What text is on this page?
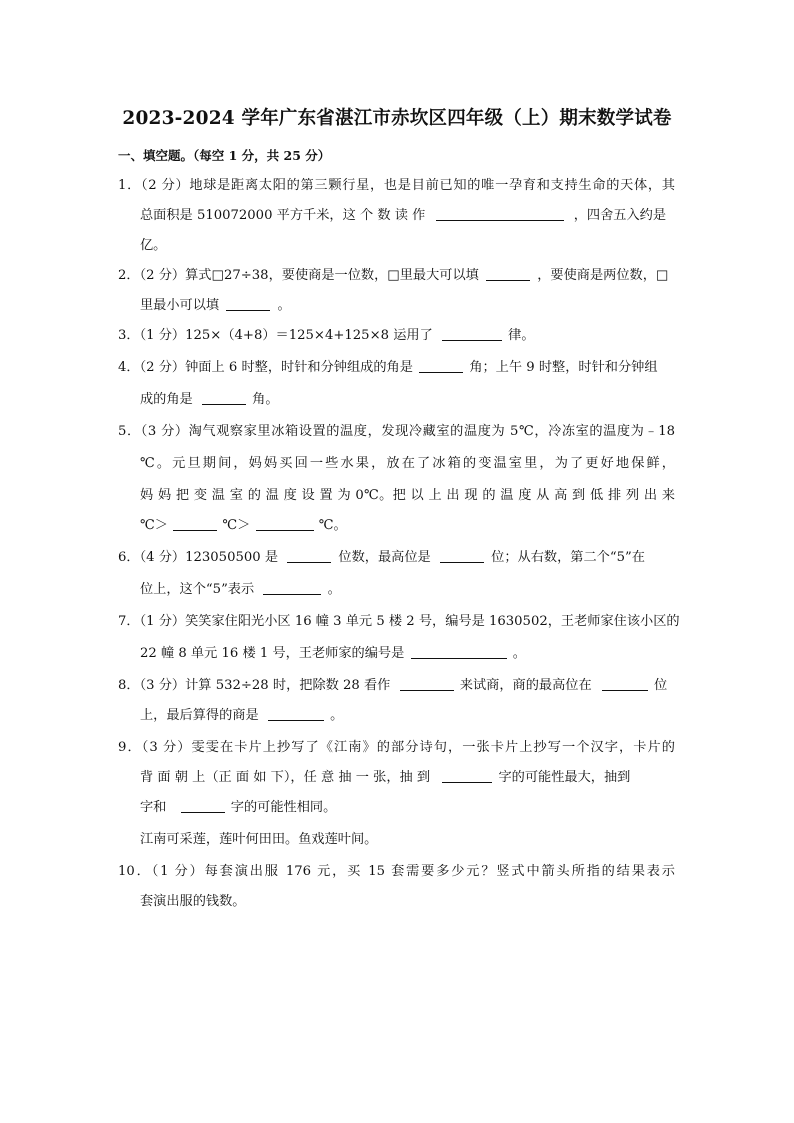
2023-2024 学年广东省湛江市赤坎区四年级（上）期末数学试卷
一、填空题。（每空 1 分，共 25 分）
1．（2 分）地球是距离太阳的第三颗行星，也是目前已知的唯一孕育和支持生命的天体，其
总面积是 510072000 平方千米，这 个 数 读 作	，四舍五入约是
亿。
2．（2 分）算式□27÷38，要使商是一位数，□里最大可以填	，要使商是两位数，□
里最小可以填	。
3．（1 分）125×（4+8）＝125×4+125×8 运用了	律。
4．（2 分）钟面上 6 时整，时针和分钟组成的角是	角；上午 9 时整，时针和分钟组
成的角是	角。
5．（3 分）淘气观察家里冰箱设置的温度，发现冷藏室的温度为 5℃，冷冻室的温度为﹣18
℃。元旦期间，妈妈买回一些水果，放在了冰箱的变温室里，为了更好地保鲜，
妈 妈 把 变 温 室 的 温 度 设 置 为 0℃。把 以 上 出 现 的 温 度 从 高 到 低 排 列 出 来
℃＞	℃＞	℃。
6．（4 分）123050500 是	位数，最高位是	位；从右数，第二个“5”在
位上，这个“5”表示	。
7．（1 分）笑笑家住阳光小区 16 幢 3 单元 5 楼 2 号，编号是 1630502，王老师家住该小区的
22 幢 8 单元 16 楼 1 号，王老师家的编号是	。
8．（3 分）计算 532÷28 时，把除数 28 看作	来试商，商的最高位在	位
上，最后算得的商是	。
9．（3 分）雯雯在卡片上抄写了《江南》的部分诗句，一张卡片上抄写一个汉字，卡片的
背 面 朝 上（正 面 如 下），任 意 抽 一 张，抽 到	字的可能性最大，抽到
字和	字的可能性相同。
江南可采莲，莲叶何田田。鱼戏莲叶间。
10．（1 分）每套演出服 176 元，买 15 套需要多少元？竖式中箭头所指的结果表示
套演出服的钱数。
